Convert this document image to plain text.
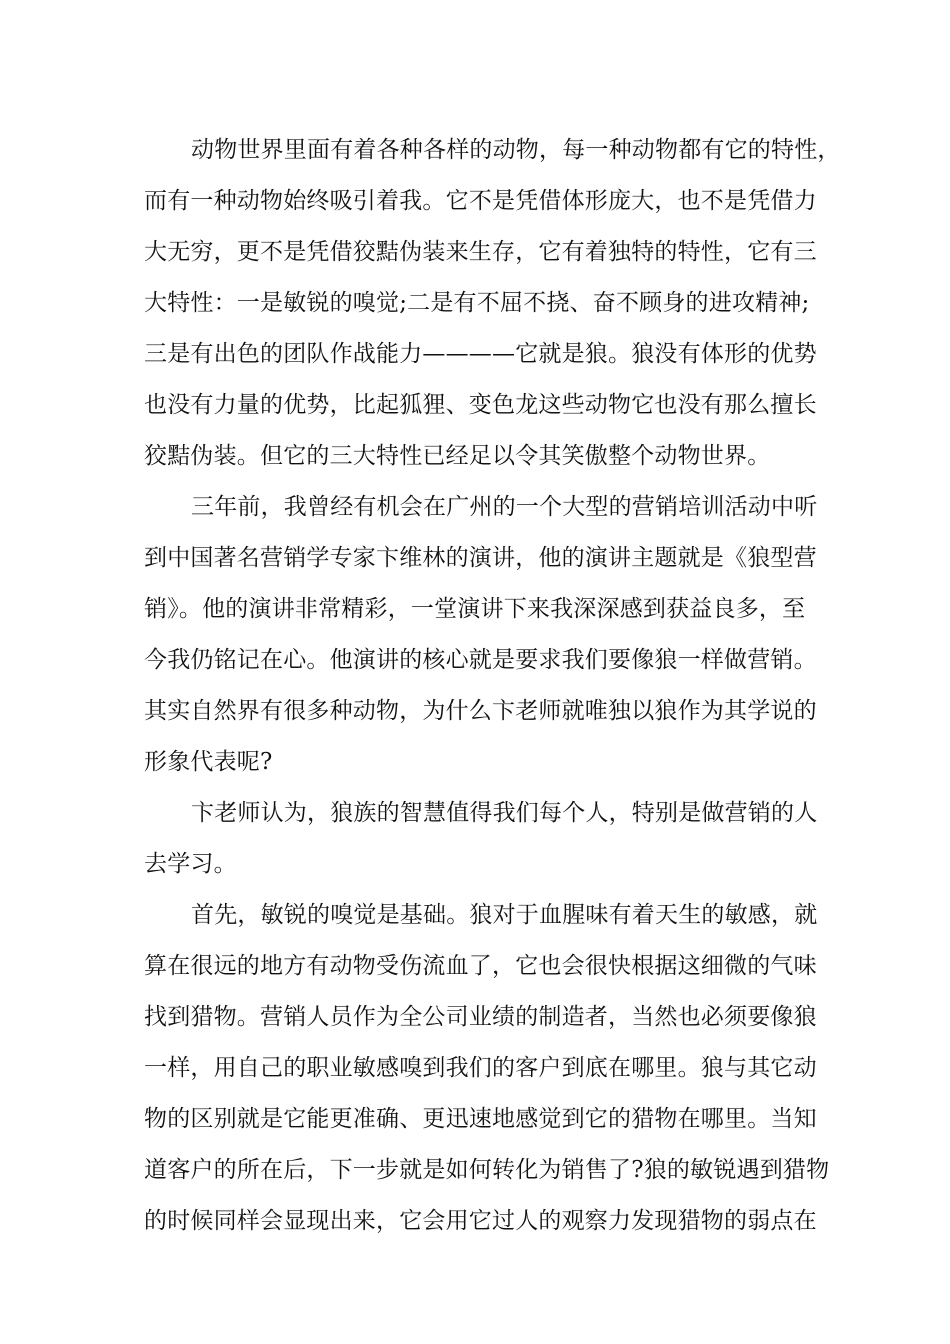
动物世界里面有着各种各样的动物，每一种动物都有它的特性，
而有一种动物始终吸引着我。它不是凭借体形庞大，也不是凭借力
大无穷，更不是凭借狡黠伪装来生存，它有着独特的特性，它有三
大特性：一是敏锐的嗅觉;二是有不屈不挠、奋不顾身的进攻精神;
三是有出色的团队作战能力————它就是狼。狼没有体形的优势
也没有力量的优势，比起狐狸、变色龙这些动物它也没有那么擅长
狡黠伪装。但它的三大特性已经足以令其笑傲整个动物世界。
三年前，我曾经有机会在广州的一个大型的营销培训活动中听
到中国著名营销学专家卞维林的演讲，他的演讲主题就是《狼型营
销》。他的演讲非常精彩，一堂演讲下来我深深感到获益良多，至
今我仍铭记在心。他演讲的核心就是要求我们要像狼一样做营销。
其实自然界有很多种动物，为什么卞老师就唯独以狼作为其学说的
形象代表呢?
卞老师认为，狼族的智慧值得我们每个人，特别是做营销的人
去学习。
首先，敏锐的嗅觉是基础。狼对于血腥味有着天生的敏感，就
算在很远的地方有动物受伤流血了，它也会很快根据这细微的气味
找到猎物。营销人员作为全公司业绩的制造者，当然也必须要像狼
一样，用自己的职业敏感嗅到我们的客户到底在哪里。狼与其它动
物的区别就是它能更准确、更迅速地感觉到它的猎物在哪里。当知
道客户的所在后，下一步就是如何转化为销售了?狼的敏锐遇到猎物
的时候同样会显现出来，它会用它过人的观察力发现猎物的弱点在
